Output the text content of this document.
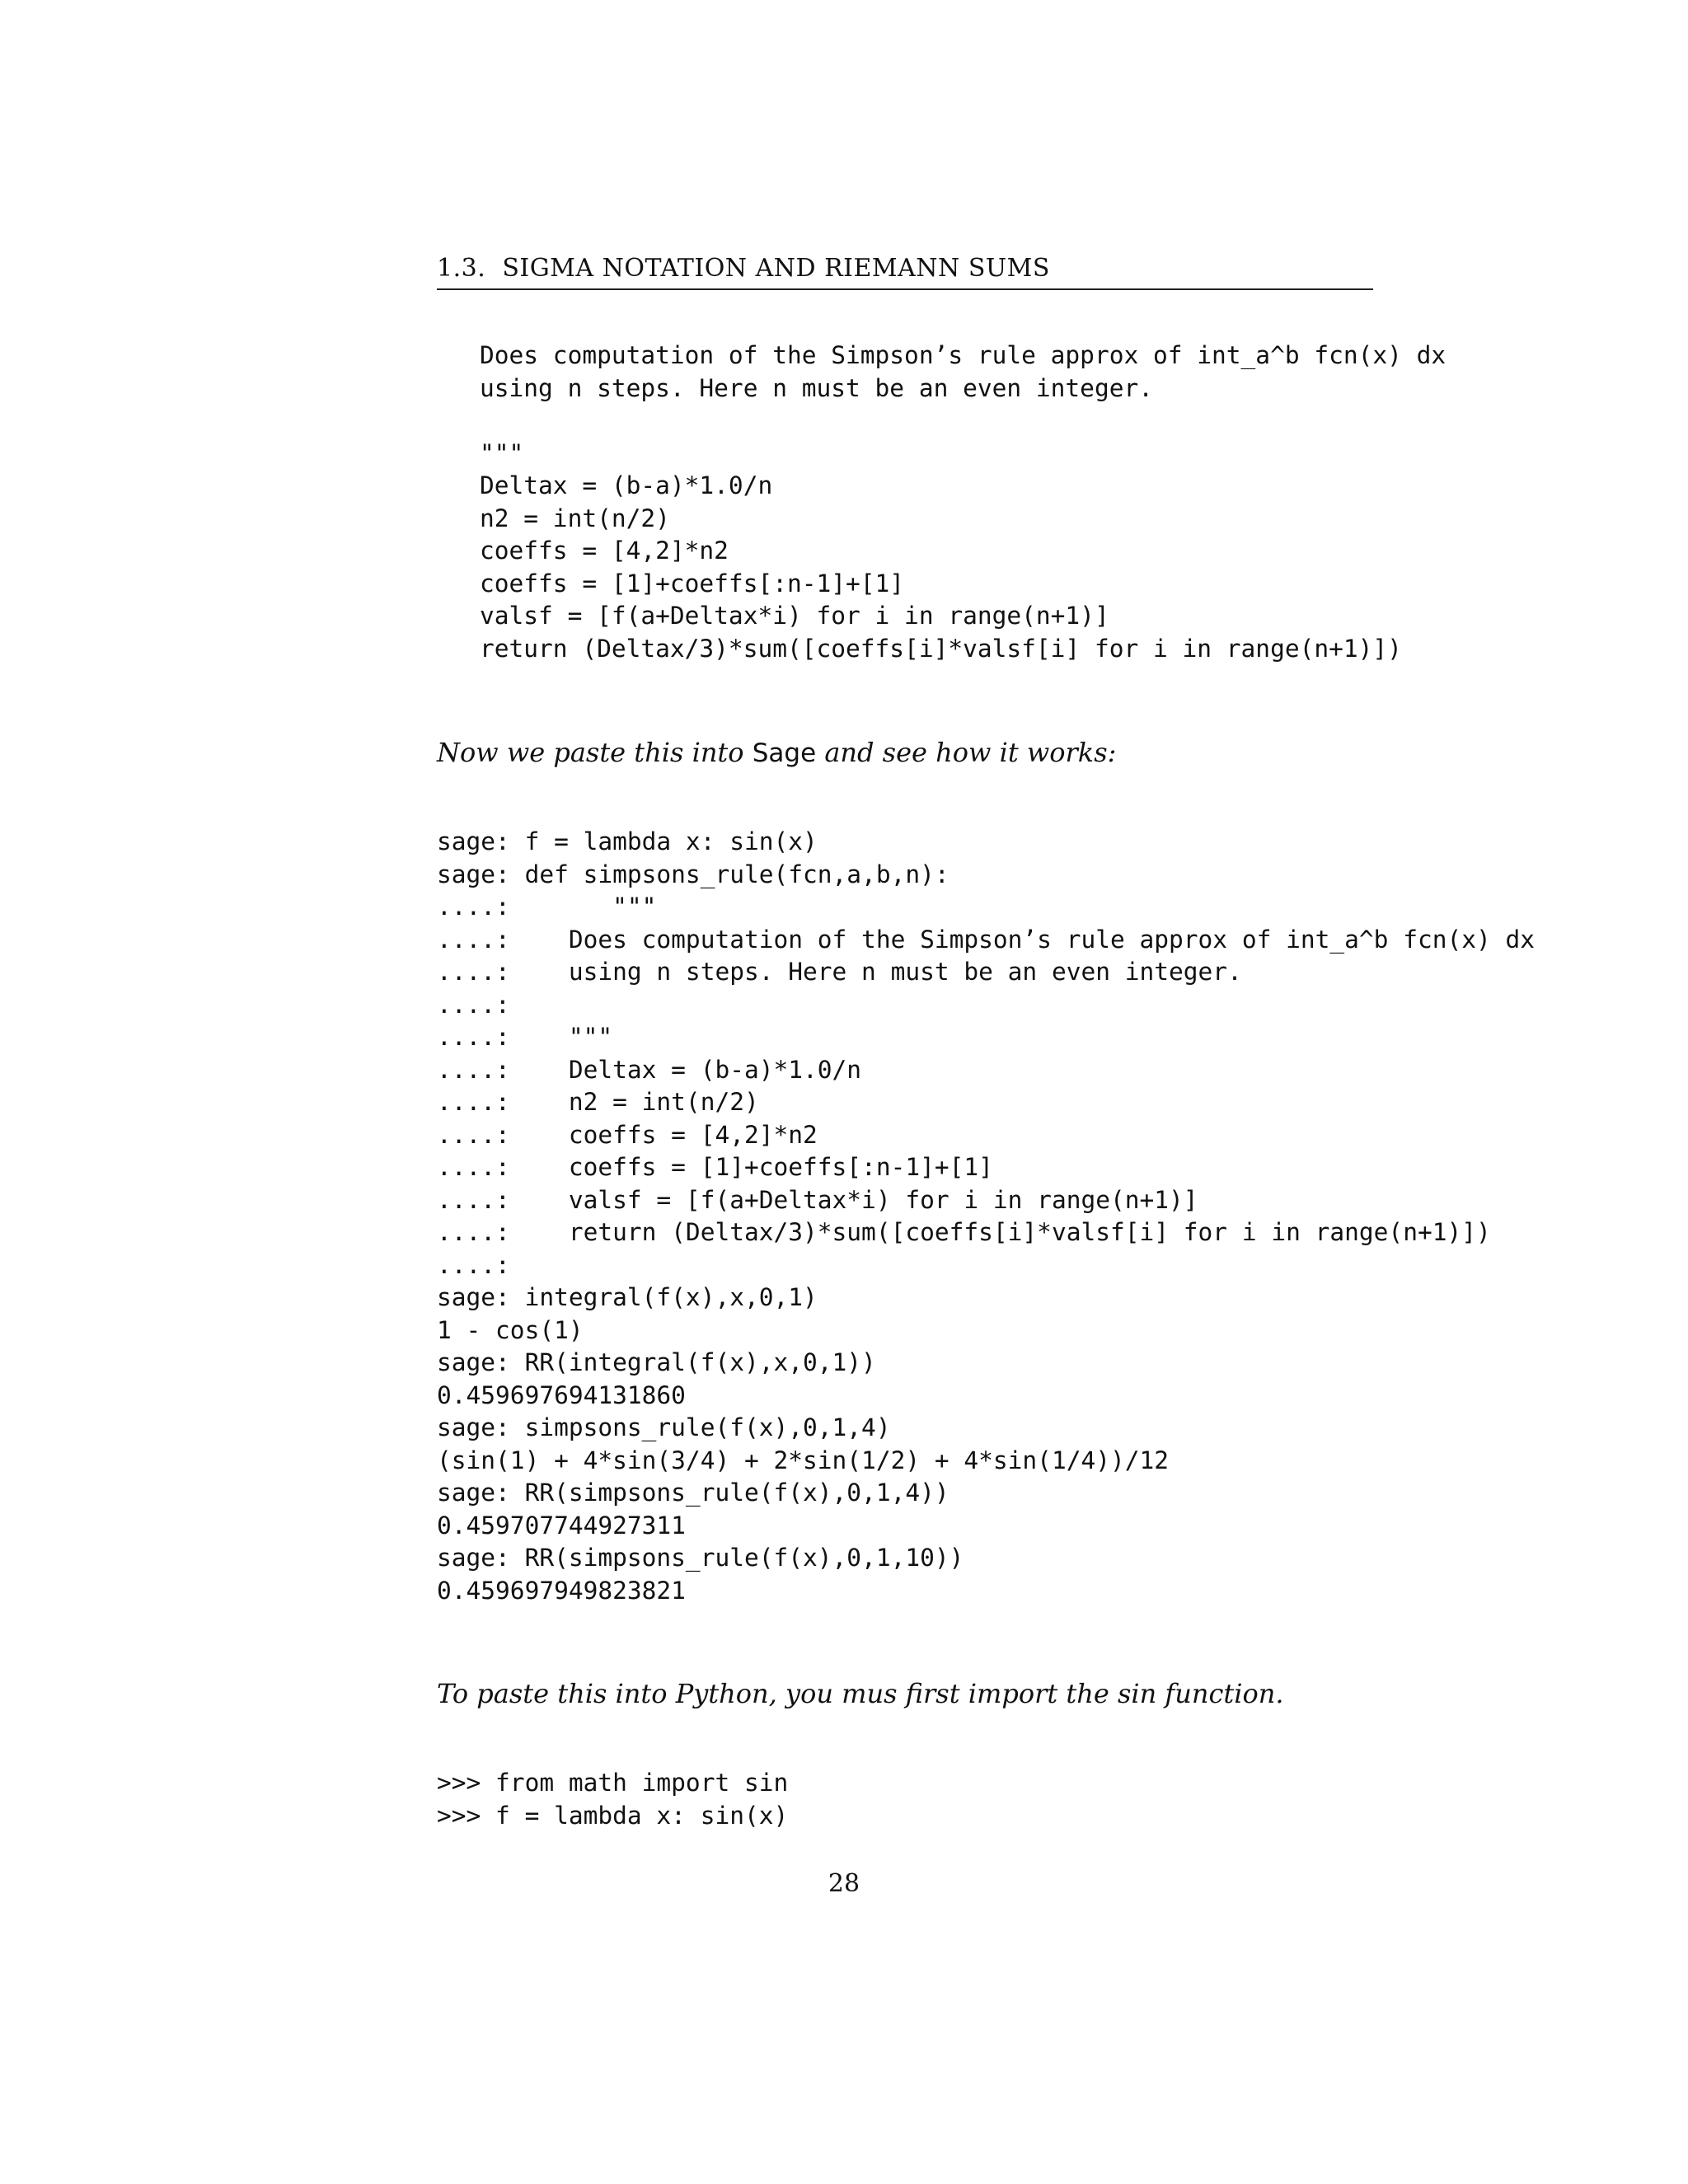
1.3.  SIGMA NOTATION AND RIEMANN SUMS
Does computation of the Simpson’s rule approx of int_a^b fcn(x) dx
using n steps. Here n must be an even integer.
"""
Deltax = (b-a)*1.0/n
n2 = int(n/2)
coeffs = [4,2]*n2
coeffs = [1]+coeffs[:n-1]+[1]
valsf = [f(a+Deltax*i) for i in range(n+1)]
return (Deltax/3)*sum([coeffs[i]*valsf[i] for i in range(n+1)])
Now we paste this into Sage and see how it works:
sage: f = lambda x: sin(x)
sage: def simpsons_rule(fcn,a,b,n):
....:       """
....:    Does computation of the Simpson’s rule approx of int_a^b fcn(x) dx
....:    using n steps. Here n must be an even integer.
....:
....:    """
....:    Deltax = (b-a)*1.0/n
....:    n2 = int(n/2)
....:    coeffs = [4,2]*n2
....:    coeffs = [1]+coeffs[:n-1]+[1]
....:    valsf = [f(a+Deltax*i) for i in range(n+1)]
....:    return (Deltax/3)*sum([coeffs[i]*valsf[i] for i in range(n+1)])
....:
sage: integral(f(x),x,0,1)
1 - cos(1)
sage: RR(integral(f(x),x,0,1))
0.459697694131860
sage: simpsons_rule(f(x),0,1,4)
(sin(1) + 4*sin(3/4) + 2*sin(1/2) + 4*sin(1/4))/12
sage: RR(simpsons_rule(f(x),0,1,4))
0.459707744927311
sage: RR(simpsons_rule(f(x),0,1,10))
0.459697949823821
To paste this into Python, you mus first import the sin function.
>>> from math import sin
>>> f = lambda x: sin(x)
28
